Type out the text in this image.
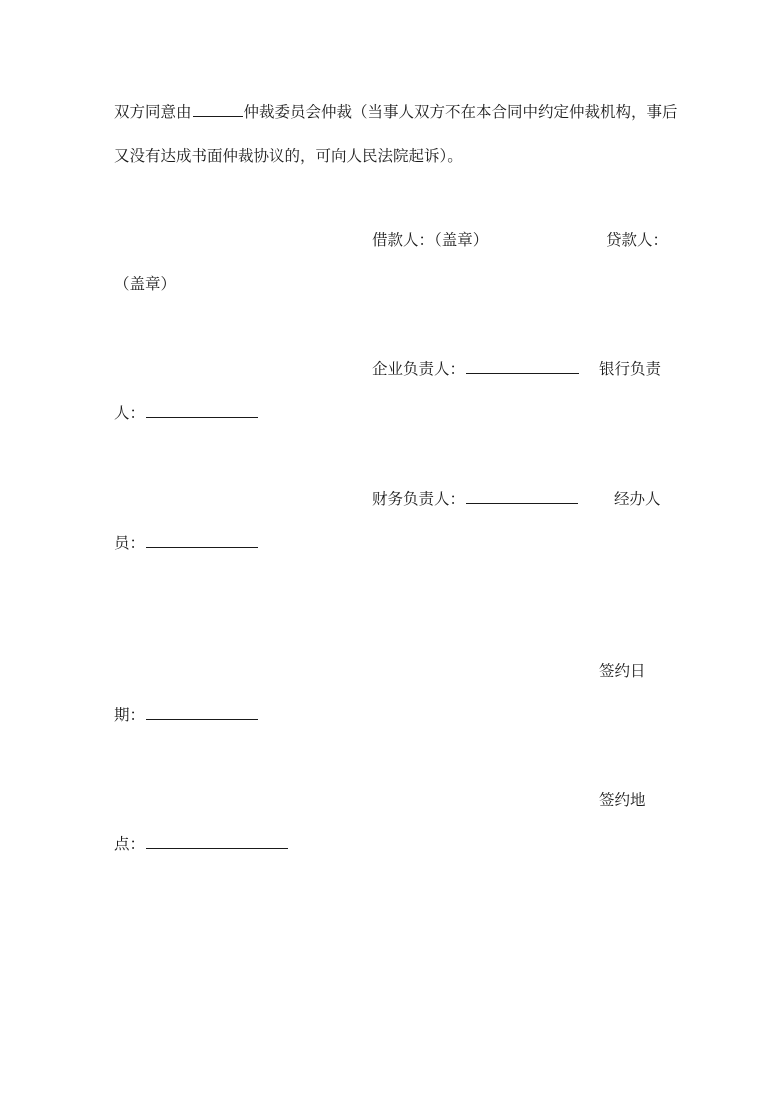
双方同意由	仲裁委员会仲裁（当事人双方不在本合同中约定仲裁机构，事后
又没有达成书面仲裁协议的，可向人民法院起诉）。
借款人：（盖章）	贷款人：
（盖章）
企业负责人：	银行负责
人：
财务负责人：	经办人
员：
签约日
期：
签约地
点：
